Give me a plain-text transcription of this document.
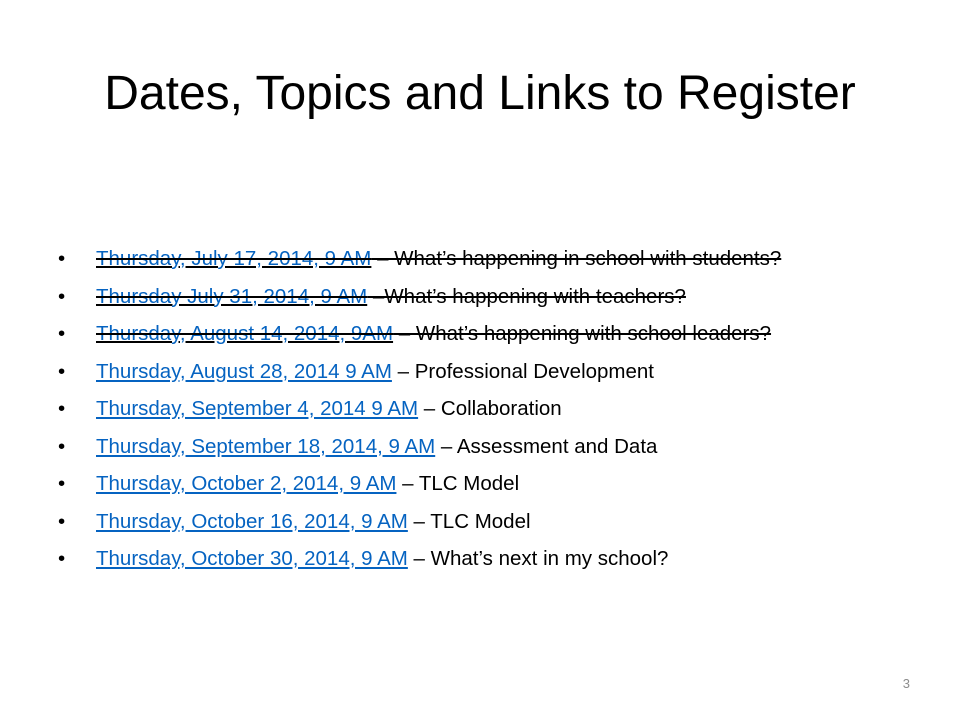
Dates, Topics and Links to Register
•	Thursday, July 17, 2014, 9 AM – What’s happening in school with students?
•	Thursday July 31, 2014, 9 AM –What’s happening with teachers?
•	Thursday, August 14, 2014, 9AM – What’s happening with school leaders?
•	Thursday, August 28, 2014 9 AM – Professional Development
•	Thursday, September 4, 2014 9 AM – Collaboration
•	Thursday, September 18, 2014, 9 AM – Assessment and Data
•	Thursday, October 2, 2014, 9 AM – TLC Model
•	Thursday, October 16, 2014, 9 AM – TLC Model
•	Thursday, October 30, 2014, 9 AM – What’s next in my school?
3
